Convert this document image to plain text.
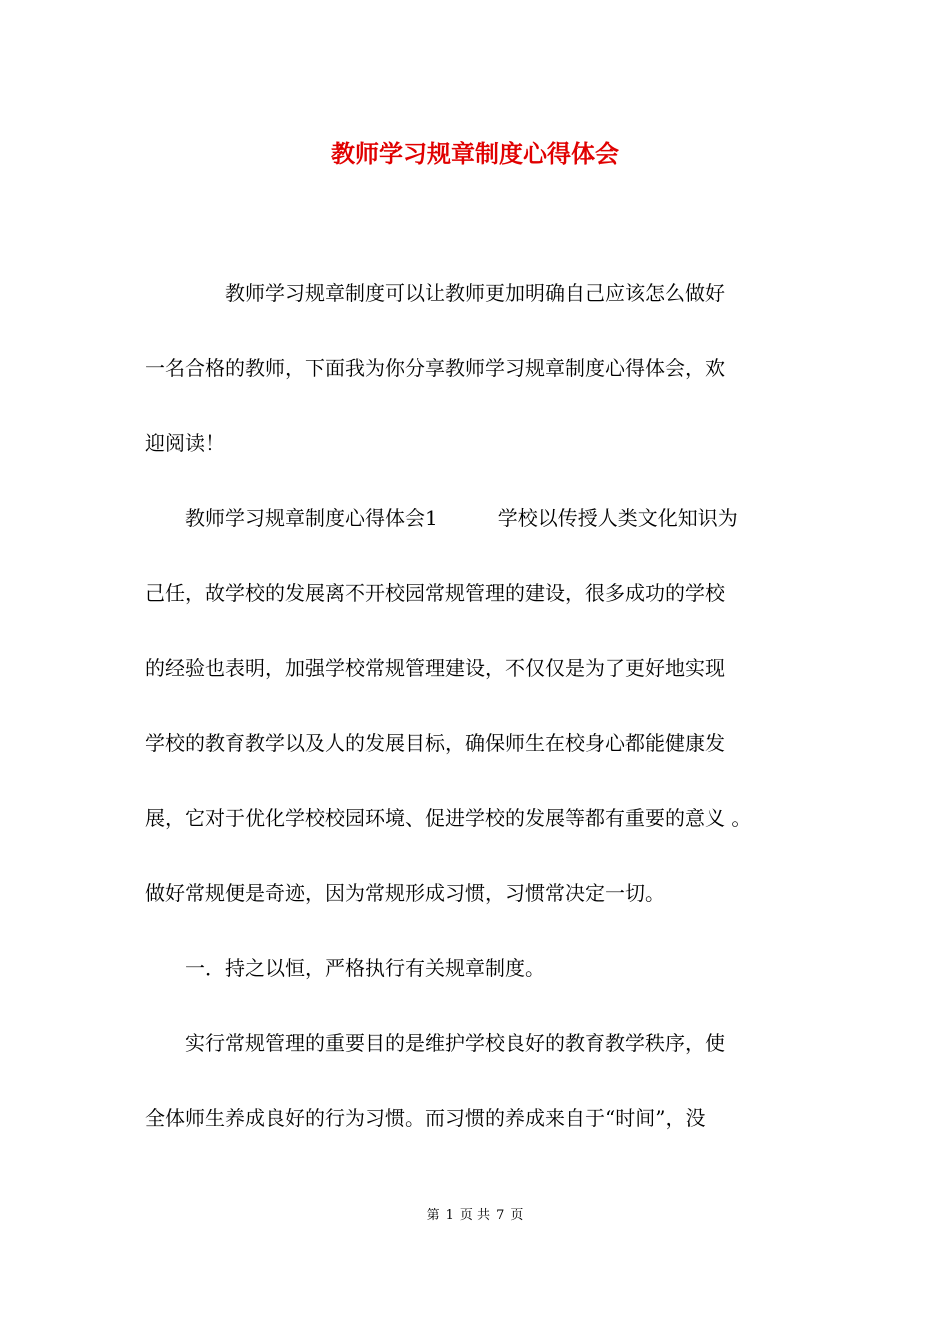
教师学习规章制度心得体会
　　　　教师学习规章制度可以让教师更加明确自己应该怎么做好
一名合格的教师，下面我为你分享教师学习规章制度心得体会，欢
迎阅读！
　　教师学习规章制度心得体会1　　　学校以传授人类文化知识为
己任，故学校的发展离不开校园常规管理的建设，很多成功的学校
的经验也表明，加强学校常规管理建设，不仅仅是为了更好地实现
学校的教育教学以及人的发展目标，确保师生在校身心都能健康发
展，它对于优化学校校园环境、促进学校的发展等都有重要的意义 。
做好常规便是奇迹，因为常规形成习惯，习惯常决定一切。
　　一．持之以恒，严格执行有关规章制度。
　　实行常规管理的重要目的是维护学校良好的教育教学秩序，使
全体师生养成良好的行为习惯。而习惯的养成来自于“时间”，没
第 1 页 共 7 页
